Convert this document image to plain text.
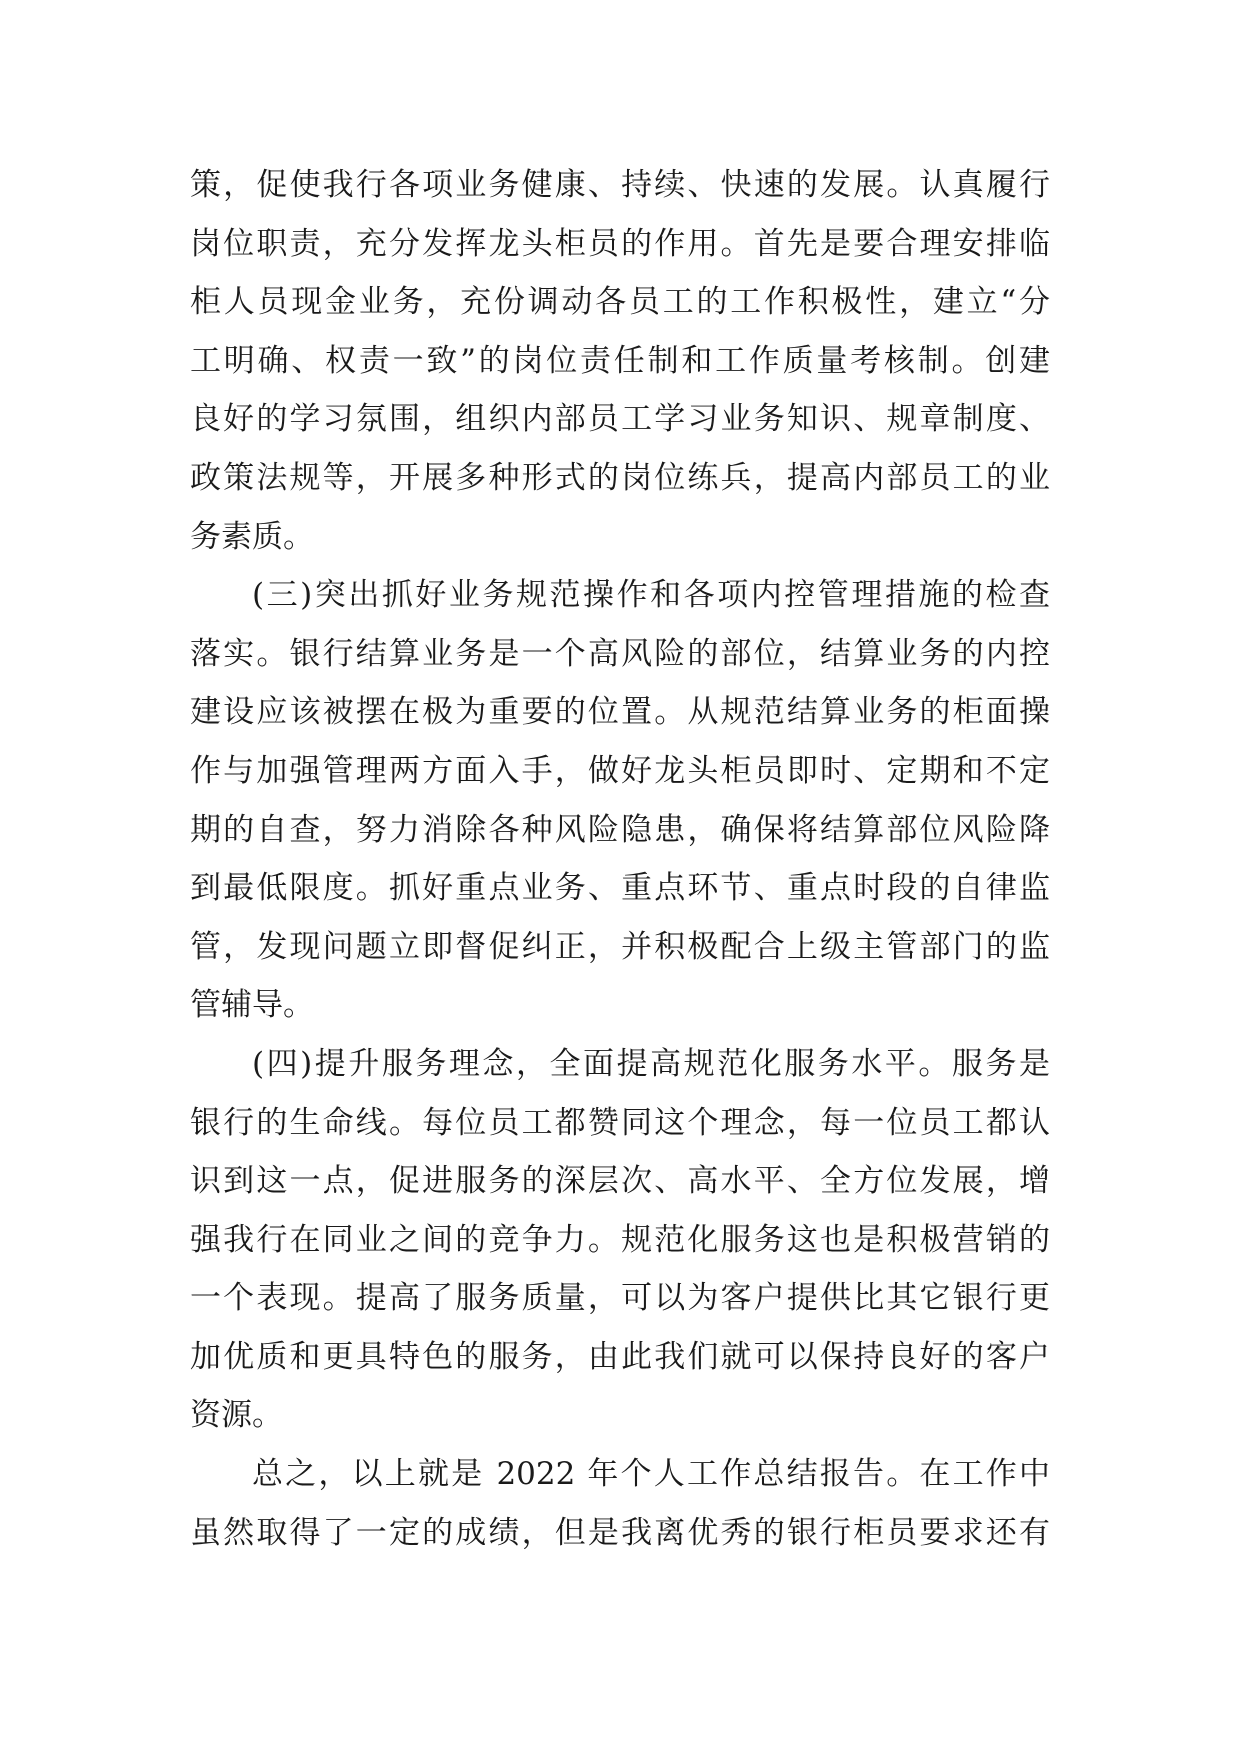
策，促使我行各项业务健康、持续、快速的发展。认真履行
岗位职责，充分发挥龙头柜员的作用。首先是要合理安排临
柜人员现金业务，充份调动各员工的工作积极性，建立“分
工明确、权责一致”的岗位责任制和工作质量考核制。创建
良好的学习氛围，组织内部员工学习业务知识、规章制度、
政策法规等，开展多种形式的岗位练兵，提高内部员工的业
务素质。
(三)突出抓好业务规范操作和各项内控管理措施的检查
落实。银行结算业务是一个高风险的部位，结算业务的内控
建设应该被摆在极为重要的位置。从规范结算业务的柜面操
作与加强管理两方面入手，做好龙头柜员即时、定期和不定
期的自查，努力消除各种风险隐患，确保将结算部位风险降
到最低限度。抓好重点业务、重点环节、重点时段的自律监
管，发现问题立即督促纠正，并积极配合上级主管部门的监
管辅导。
(四)提升服务理念，全面提高规范化服务水平。服务是
银行的生命线。每位员工都赞同这个理念，每一位员工都认
识到这一点，促进服务的深层次、高水平、全方位发展，增
强我行在同业之间的竞争力。规范化服务这也是积极营销的
一个表现。提高了服务质量，可以为客户提供比其它银行更
加优质和更具特色的服务，由此我们就可以保持良好的客户
资源。
总之，以上就是 2022 年个人工作总结报告。在工作中
虽然取得了一定的成绩，但是我离优秀的银行柜员要求还有
